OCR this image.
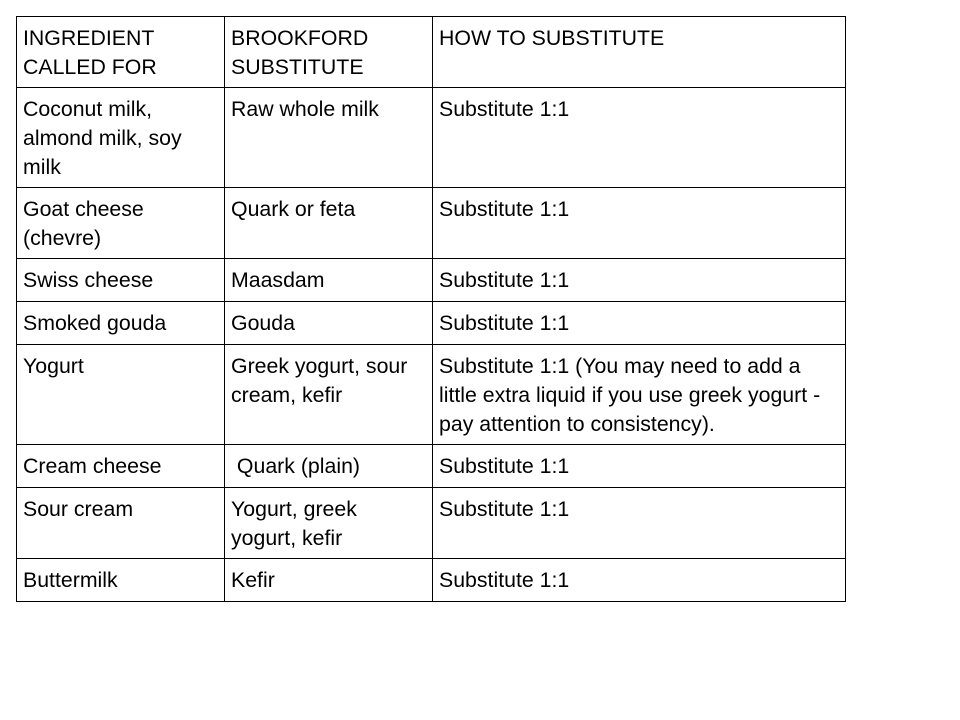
INGREDIENT CALLED FOR	BROOKFORD SUBSTITUTE	HOW TO SUBSTITUTE
Coconut milk, almond milk, soy milk	Raw whole milk	Substitute 1:1
Goat cheese (chevre)	Quark or feta	Substitute 1:1
Swiss cheese	Maasdam	Substitute 1:1
Smoked gouda	Gouda	Substitute 1:1
Yogurt	Greek yogurt, sour cream, kefir	Substitute 1:1 (You may need to add a little extra liquid if you use greek yogurt - pay attention to consistency).
Cream cheese	Quark (plain)	Substitute 1:1
Sour cream	Yogurt, greek yogurt, kefir	Substitute 1:1
Buttermilk	Kefir	Substitute 1:1
